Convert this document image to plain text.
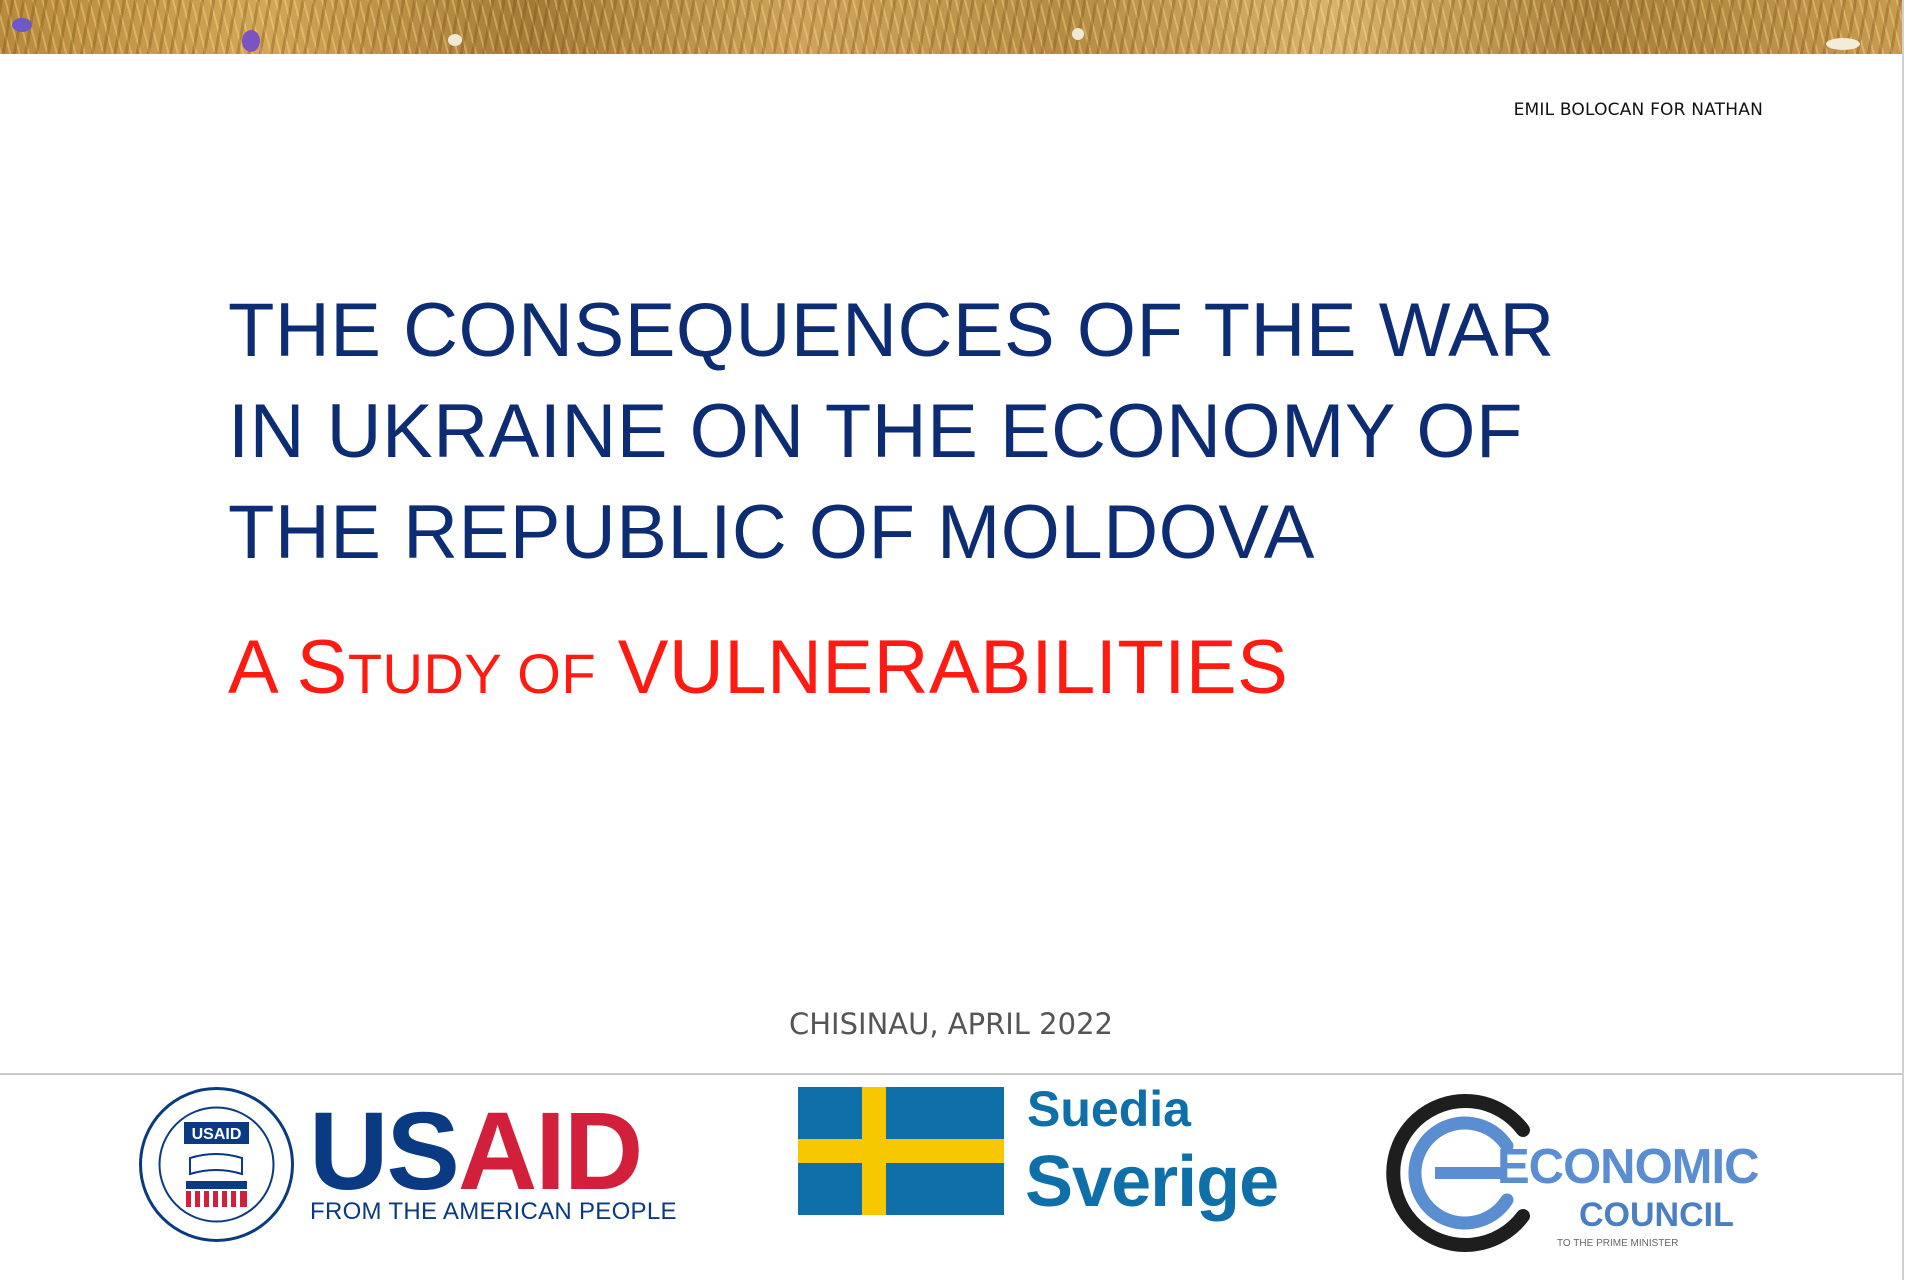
EMIL BOLOCAN FOR NATHAN
THE CONSEQUENCES OF THE WAR
IN UKRAINE ON THE ECONOMY OF
THE REPUBLIC OF MOLDOVA
A STUDY OF VULNERABILITIES
CHISINAU, APRIL 2022
USAID USAID
FROM THE AMERICAN PEOPLE
Suedia
Sverige	ECONOMIC
COUNCIL
TO THE PRIME MINISTER
